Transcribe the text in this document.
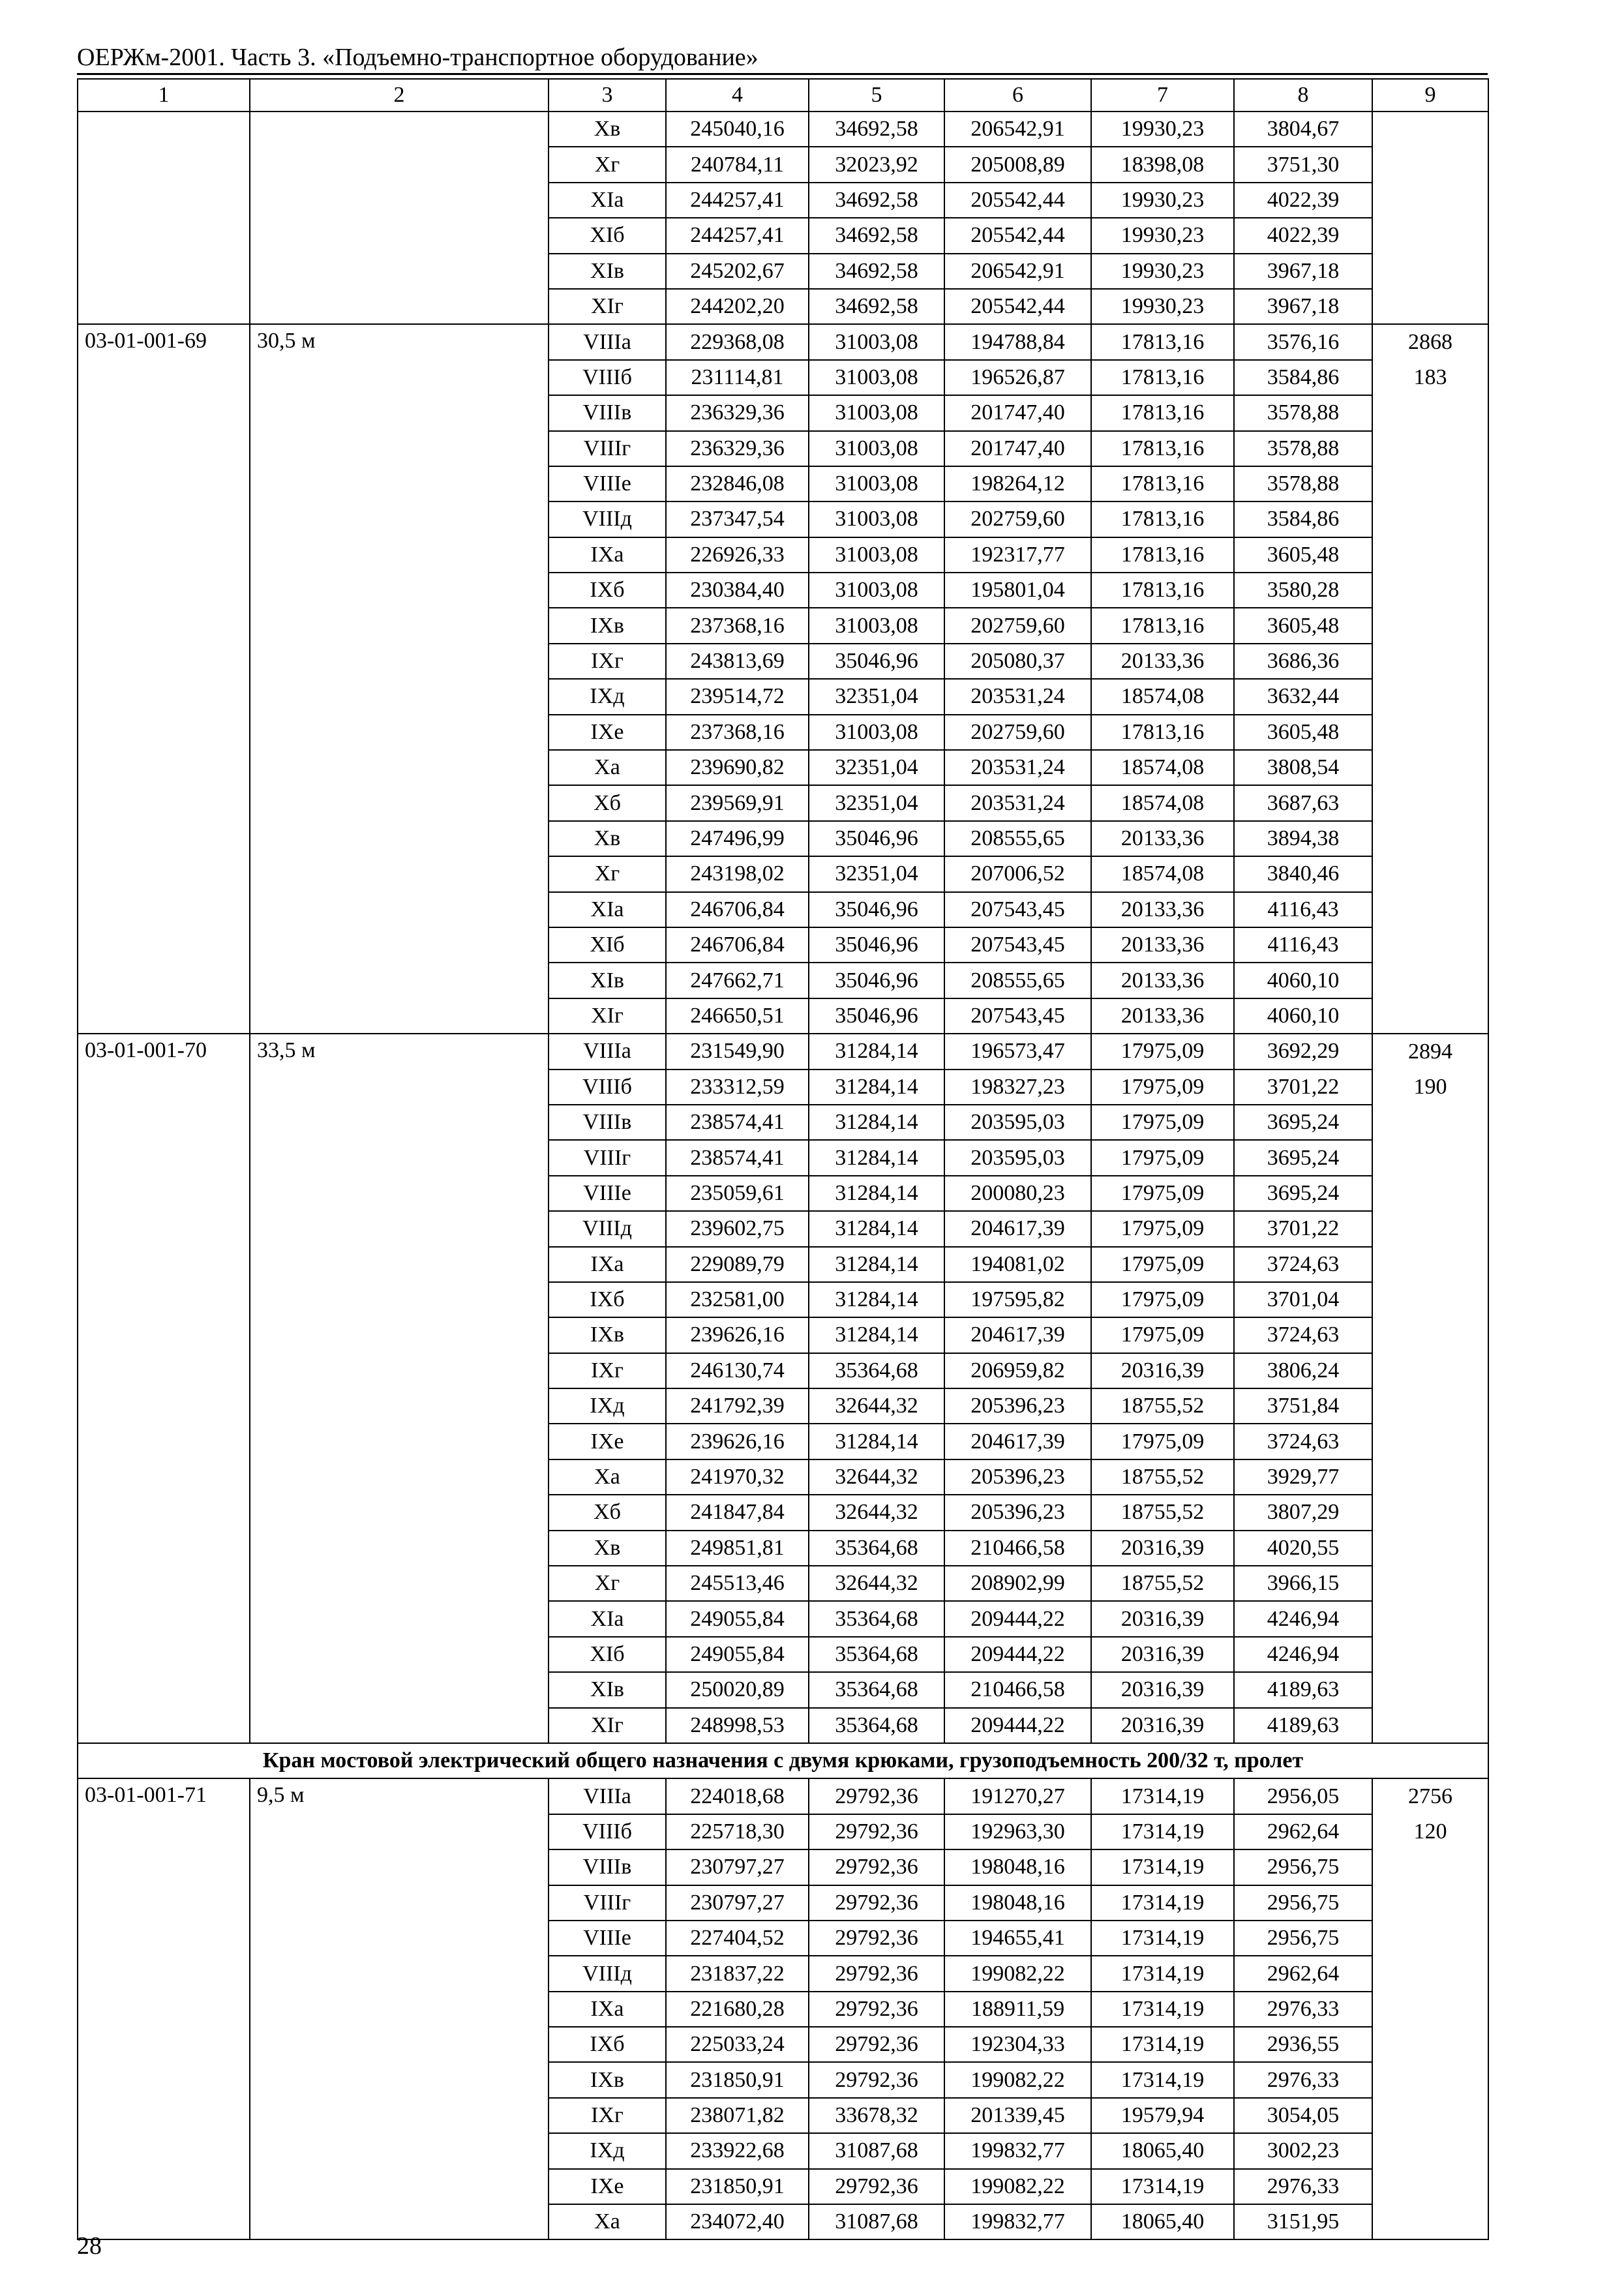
ОЕРЖм-2001. Часть 3. «Подъемно-транспортное оборудование»
1	2	3	4	5	6	7	8	9
		Xв	245040,16	34692,58	206542,91	19930,23	3804,67	
		Xг	240784,11	32023,92	205008,89	18398,08	3751,30	
		XIа	244257,41	34692,58	205542,44	19930,23	4022,39	
		XIб	244257,41	34692,58	205542,44	19930,23	4022,39	
		XIв	245202,67	34692,58	206542,91	19930,23	3967,18	
		XIг	244202,20	34692,58	205542,44	19930,23	3967,18	
03-01-001-69	30,5 м	VIIIа	229368,08	31003,08	194788,84	17813,16	3576,16	2868
		VIIIб	231114,81	31003,08	196526,87	17813,16	3584,86	183
		VIIIв	236329,36	31003,08	201747,40	17813,16	3578,88	
		VIIIг	236329,36	31003,08	201747,40	17813,16	3578,88	
		VIIIе	232846,08	31003,08	198264,12	17813,16	3578,88	
		VIIIд	237347,54	31003,08	202759,60	17813,16	3584,86	
		IXа	226926,33	31003,08	192317,77	17813,16	3605,48	
		IXб	230384,40	31003,08	195801,04	17813,16	3580,28	
		IXв	237368,16	31003,08	202759,60	17813,16	3605,48	
		IXг	243813,69	35046,96	205080,37	20133,36	3686,36	
		IXд	239514,72	32351,04	203531,24	18574,08	3632,44	
		IXе	237368,16	31003,08	202759,60	17813,16	3605,48	
		Xа	239690,82	32351,04	203531,24	18574,08	3808,54	
		Xб	239569,91	32351,04	203531,24	18574,08	3687,63	
		Xв	247496,99	35046,96	208555,65	20133,36	3894,38	
		Xг	243198,02	32351,04	207006,52	18574,08	3840,46	
		XIа	246706,84	35046,96	207543,45	20133,36	4116,43	
		XIб	246706,84	35046,96	207543,45	20133,36	4116,43	
		XIв	247662,71	35046,96	208555,65	20133,36	4060,10	
		XIг	246650,51	35046,96	207543,45	20133,36	4060,10	
03-01-001-70	33,5 м	VIIIа	231549,90	31284,14	196573,47	17975,09	3692,29	2894
		VIIIб	233312,59	31284,14	198327,23	17975,09	3701,22	190
		VIIIв	238574,41	31284,14	203595,03	17975,09	3695,24	
		VIIIг	238574,41	31284,14	203595,03	17975,09	3695,24	
		VIIIе	235059,61	31284,14	200080,23	17975,09	3695,24	
		VIIIд	239602,75	31284,14	204617,39	17975,09	3701,22	
		IXа	229089,79	31284,14	194081,02	17975,09	3724,63	
		IXб	232581,00	31284,14	197595,82	17975,09	3701,04	
		IXв	239626,16	31284,14	204617,39	17975,09	3724,63	
		IXг	246130,74	35364,68	206959,82	20316,39	3806,24	
		IXд	241792,39	32644,32	205396,23	18755,52	3751,84	
		IXе	239626,16	31284,14	204617,39	17975,09	3724,63	
		Xа	241970,32	32644,32	205396,23	18755,52	3929,77	
		Xб	241847,84	32644,32	205396,23	18755,52	3807,29	
		Xв	249851,81	35364,68	210466,58	20316,39	4020,55	
		Xг	245513,46	32644,32	208902,99	18755,52	3966,15	
		XIа	249055,84	35364,68	209444,22	20316,39	4246,94	
		XIб	249055,84	35364,68	209444,22	20316,39	4246,94	
		XIв	250020,89	35364,68	210466,58	20316,39	4189,63	
		XIг	248998,53	35364,68	209444,22	20316,39	4189,63	
Кран мостовой электрический общего назначения с двумя крюками, грузоподъемность 200/32 т, пролет								
03-01-001-71	9,5 м	VIIIа	224018,68	29792,36	191270,27	17314,19	2956,05	2756
		VIIIб	225718,30	29792,36	192963,30	17314,19	2962,64	120
		VIIIв	230797,27	29792,36	198048,16	17314,19	2956,75	
		VIIIг	230797,27	29792,36	198048,16	17314,19	2956,75	
		VIIIе	227404,52	29792,36	194655,41	17314,19	2956,75	
		VIIIд	231837,22	29792,36	199082,22	17314,19	2962,64	
		IXа	221680,28	29792,36	188911,59	17314,19	2976,33	
		IXб	225033,24	29792,36	192304,33	17314,19	2936,55	
		IXв	231850,91	29792,36	199082,22	17314,19	2976,33	
		IXг	238071,82	33678,32	201339,45	19579,94	3054,05	
		IXд	233922,68	31087,68	199832,77	18065,40	3002,23	
		IXе	231850,91	29792,36	199082,22	17314,19	2976,33	
		Xа	234072,40	31087,68	199832,77	18065,40	3151,95	
28
